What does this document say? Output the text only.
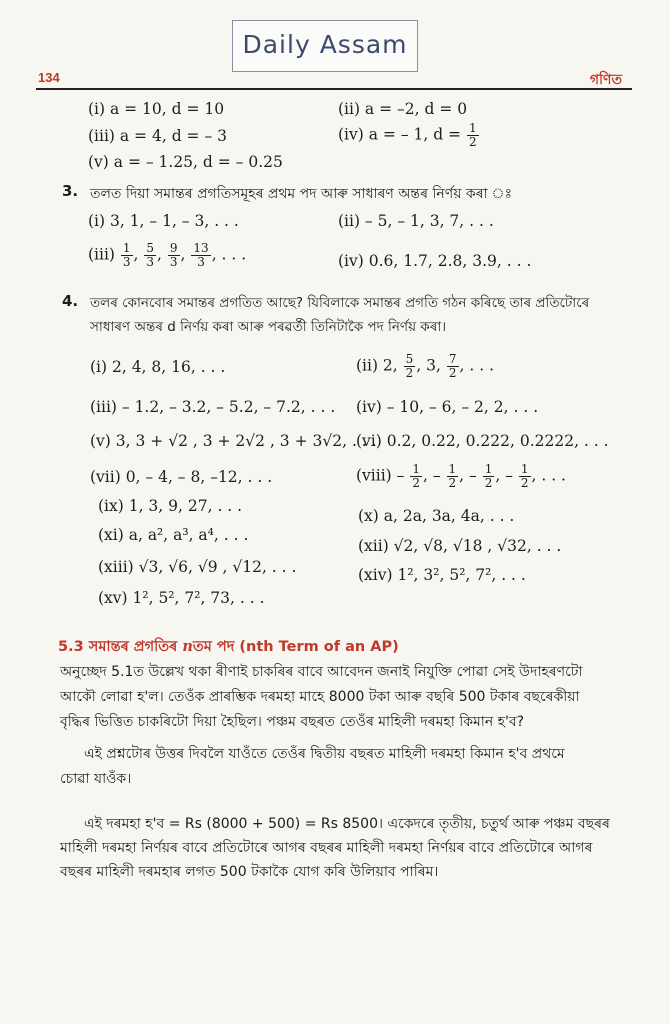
Daily Assam
134	গণিত
(i) a = 10, d = 10	(ii) a = –2, d = 0
(iii) a = 4, d = – 3	(iv) a = – 1, $d = \frac{1}{2}$
(v) a = – 1.25, d = – 0.25
3. তলত দিয়া সমান্তৰ প্ৰগতিসমূহৰ প্ৰথম পদ আৰু সাধাৰণ অন্তৰ নিৰ্ণয় কৰা ঃ
(i) 3, 1, – 1, – 3, . . .	(ii) – 5, – 1, 3, 7, . . .
$(iii) \frac{1}{3}$ , $\frac{5}{3}$ , $\frac{9}{3}$ , $\frac{13}{3}$ , . . .	(iv) 0.6, 1.7, 2.8, 3.9, . . .
4. তলৰ কোনবোৰ সমান্তৰ প্ৰগতিত আছে? যিবিলাকে সমান্তৰ প্ৰগতি গঠন কৰিছে তাৰ প্ৰতিটোৰে
সাধাৰণ অন্তৰ d নিৰ্ণয় কৰা আৰু পৰৱৰ্তী তিনিটাকৈ পদ নিৰ্ণয় কৰা।
(i) 2, 4, 8, 16, . . .	(ii) 2, $\frac{5}{2}$ , 3, $\frac{7}{2}$ , . . .
(iii) – 1.2, – 3.2, – 5.2, – 7.2, . . . (iv) – 10, – 6, – 2, 2, . . .
(v) 3, 3 + √2 , 3 + 2√2 , 3 + 3√2, . . .
(vi) 0.2, 0.22, 0.222, 0.2222, . . .
(vii) 0, – 4, – 8, –12, . . .	(viii) – $\frac{1}{2}$ , – $\frac{1}{2}$ , – $\frac{1}{2}$ , – $\frac{1}{2}$ , . . .
(ix) 1, 3, 9, 27, . . .
(x) a, 2a, 3a, 4a, . . .
(xi) a, a², a³, a⁴, . . .
(xii) √2, √8, √18 , √32, . . .
(xiii) √3, √6, √9 , √12, . . .	(xiv) 1², 3², 5², 7², . . .
(xv) 1², 5², 7², 73, . . .
5.3 সমান্তৰ প্ৰগতিৰ nতম পদ (nth Term of an AP)
অনুচ্ছেদ 5.1ত উল্লেখ থকা ৰীণাই চাকৰিৰ বাবে আবেদন জনাই নিযুক্তি পোৱা সেই উদাহৰণটো
আকৌ লোৱা হ'ল। তেওঁক প্ৰাৰম্ভিক দৰমহা মাহে 8000 টকা আৰু বছৰি 500 টকাৰ বছৰেকীয়া
বৃদ্ধিৰ ভিত্তিত চাকৰিটো দিয়া হৈছিল। পঞ্চম বছৰত তেওঁৰ মাহিলী দৰমহা কিমান হ'ব?
এই প্ৰশ্নটোৰ উত্তৰ দিবলৈ যাওঁতে তেওঁৰ দ্বিতীয় বছৰত মাহিলী দৰমহা কিমান হ'ব প্ৰথমে
চোৱা যাওঁক।
এই দৰমহা হ'ব = Rs (8000 + 500) = Rs 8500। একেদৰে তৃতীয়, চতুৰ্থ আৰু পঞ্চম বছৰৰ
মাহিলী দৰমহা নিৰ্ণয়ৰ বাবে প্ৰতিটোৰে আগৰ বছৰৰ মাহিলী দৰমহা নিৰ্ণয়ৰ বাবে প্ৰতিটোৰে আগৰ
বছৰৰ মাহিলী দৰমহাৰ লগত 500 টকাকৈ যোগ কৰি উলিয়াব পাৰিম।
